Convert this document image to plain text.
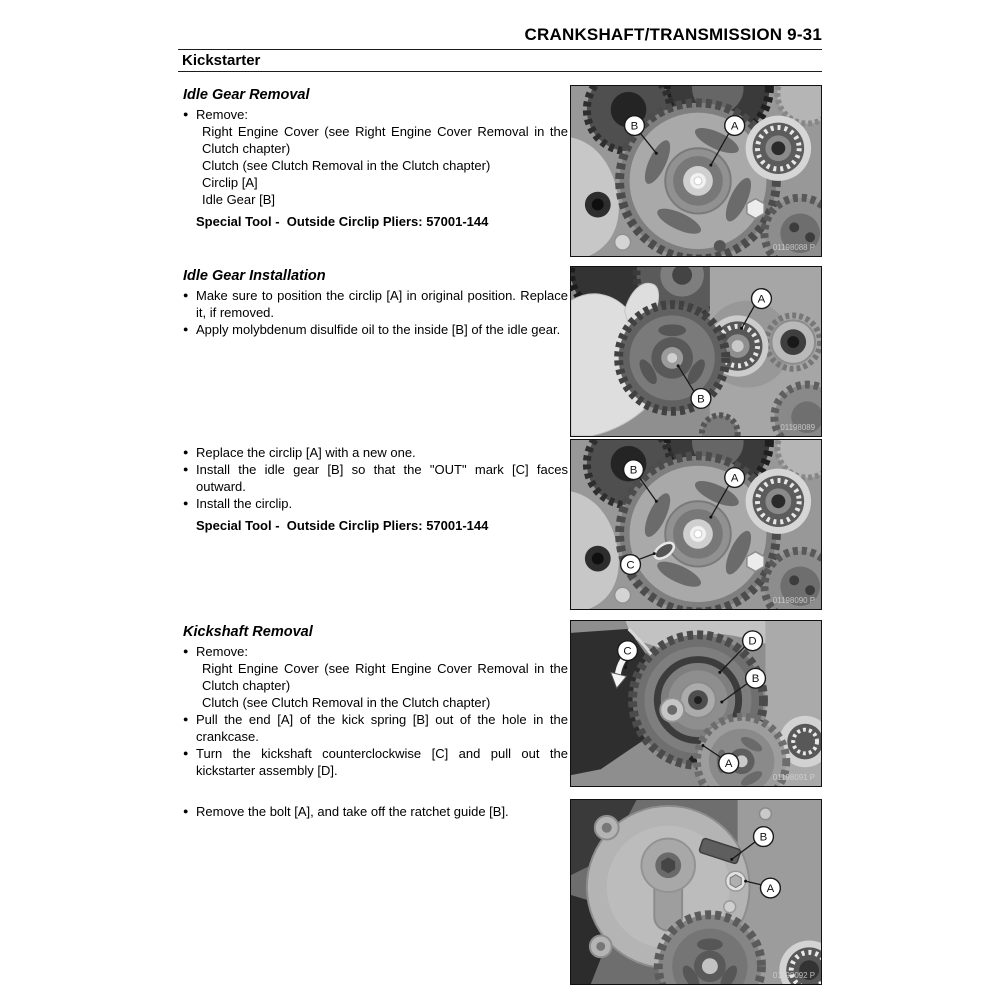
CRANKSHAFT/TRANSMISSION 9-31
Kickstarter
Idle Gear Removal
● Remove:
Right Engine Cover (see Right Engine Cover Removal in the Clutch chapter)
Clutch (see Clutch Removal in the Clutch chapter)
Circlip [A]
Idle Gear [B]
Special Tool -  Outside Circlip Pliers: 57001-144
Idle Gear Installation
● Make sure to position the circlip [A] in original position. Replace it, if removed.
● Apply molybdenum disulfide oil to the inside [B] of the idle gear.
● Replace the circlip [A] with a new one.
● Install the idle gear [B] so that the "OUT" mark [C] faces outward.
● Install the circlip.
Special Tool -  Outside Circlip Pliers: 57001-144
Kickshaft Removal
● Remove:
Right Engine Cover (see Right Engine Cover Removal in the Clutch chapter)
Clutch (see Clutch Removal in the Clutch chapter)
● Pull the end [A] of the kick spring [B] out of the hole in the crankcase.
● Turn the kickshaft counterclockwise [C] and pull out the kickstarter assembly [D].
● Remove the bolt [A], and take off the ratchet guide [B].
B	A
01198088 P
A
B
01198089
B
A
C
01198090 P
C
D
B
A
01198091 P
B
A
01198092 P
